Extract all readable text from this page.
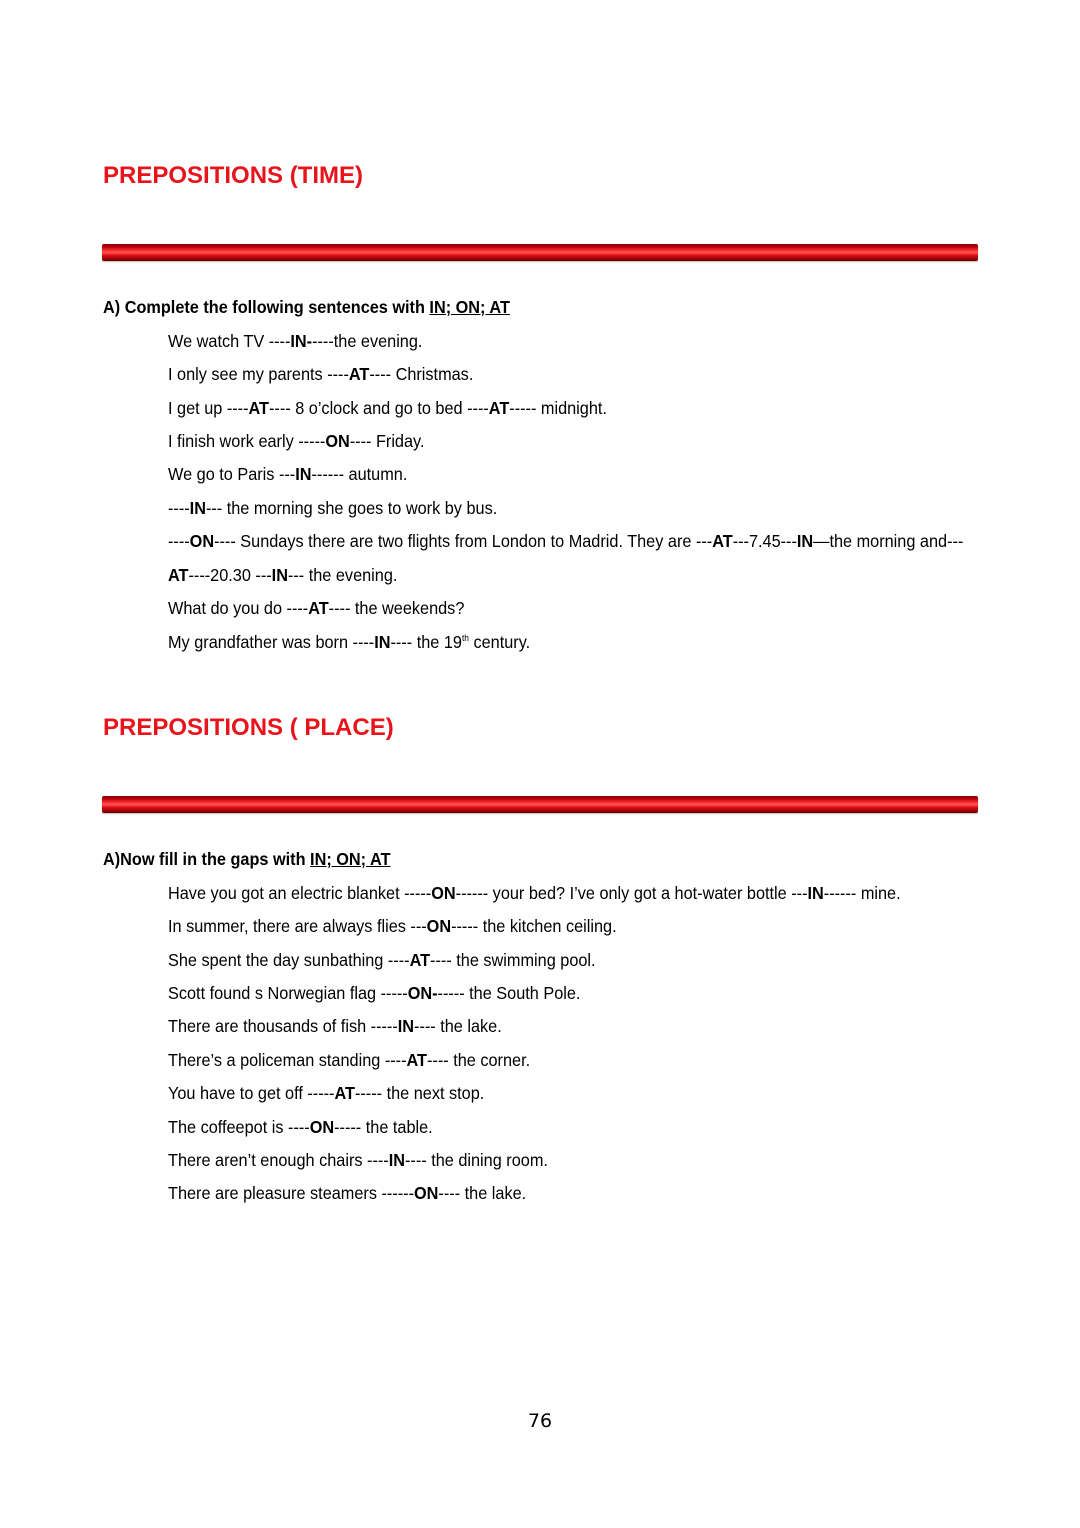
PREPOSITIONS (TIME)
A) Complete the following sentences with IN; ON; AT
We watch TV ----IN-----the evening.
I only see my parents ----AT---- Christmas.
I get up ----AT---- 8 o’clock and go to bed ----AT----- midnight.
I finish work early -----ON---- Friday.
We go to Paris ---IN------ autumn.
----IN--- the morning she goes to work by bus.
----ON---- Sundays there are two flights from London to Madrid. They are ---AT---7.45---IN—the morning and---
AT----20.30 ---IN--- the evening.
What do you do ----AT---- the weekends?
My grandfather was born ----IN---- the 19th century.
PREPOSITIONS ( PLACE)
A)Now fill in the gaps with IN; ON; AT
Have you got an electric blanket -----ON------ your bed? I’ve only got a hot-water bottle ---IN------ mine.
In summer, there are always flies ---ON----- the kitchen ceiling.
She spent the day sunbathing ----AT---- the swimming pool.
Scott found s Norwegian flag -----ON------ the South Pole.
There are thousands of fish -----IN---- the lake.
There’s a policeman standing ----AT---- the corner.
You have to get off -----AT----- the next stop.
The coffeepot is ----ON----- the table.
There aren’t enough chairs ----IN---- the dining room.
There are pleasure steamers ------ON---- the lake.
76
